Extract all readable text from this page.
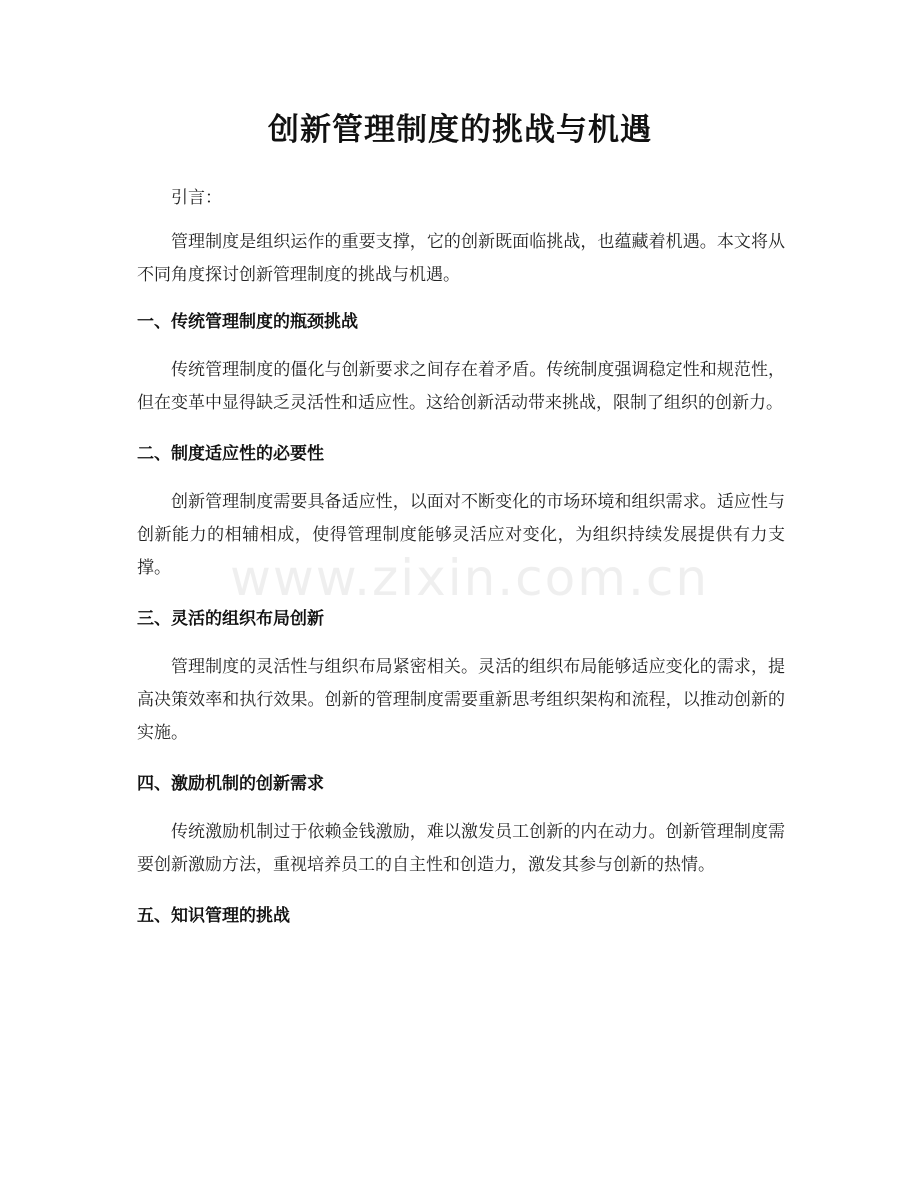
创新管理制度的挑战与机遇

引言：

管理制度是组织运作的重要支撑，它的创新既面临挑战，也蕴藏着机遇。本文将从不同角度探讨创新管理制度的挑战与机遇。

一、传统管理制度的瓶颈挑战

传统管理制度的僵化与创新要求之间存在着矛盾。传统制度强调稳定性和规范性，但在变革中显得缺乏灵活性和适应性。这给创新活动带来挑战，限制了组织的创新力。

二、制度适应性的必要性

创新管理制度需要具备适应性，以面对不断变化的市场环境和组织需求。适应性与创新能力的相辅相成，使得管理制度能够灵活应对变化，为组织持续发展提供有力支撑。

三、灵活的组织布局创新

管理制度的灵活性与组织布局紧密相关。灵活的组织布局能够适应变化的需求，提高决策效率和执行效果。创新的管理制度需要重新思考组织架构和流程，以推动创新的实施。

四、激励机制的创新需求

传统激励机制过于依赖金钱激励，难以激发员工创新的内在动力。创新管理制度需要创新激励方法，重视培养员工的自主性和创造力，激发其参与创新的热情。

五、知识管理的挑战

www.zixin.com.cn
